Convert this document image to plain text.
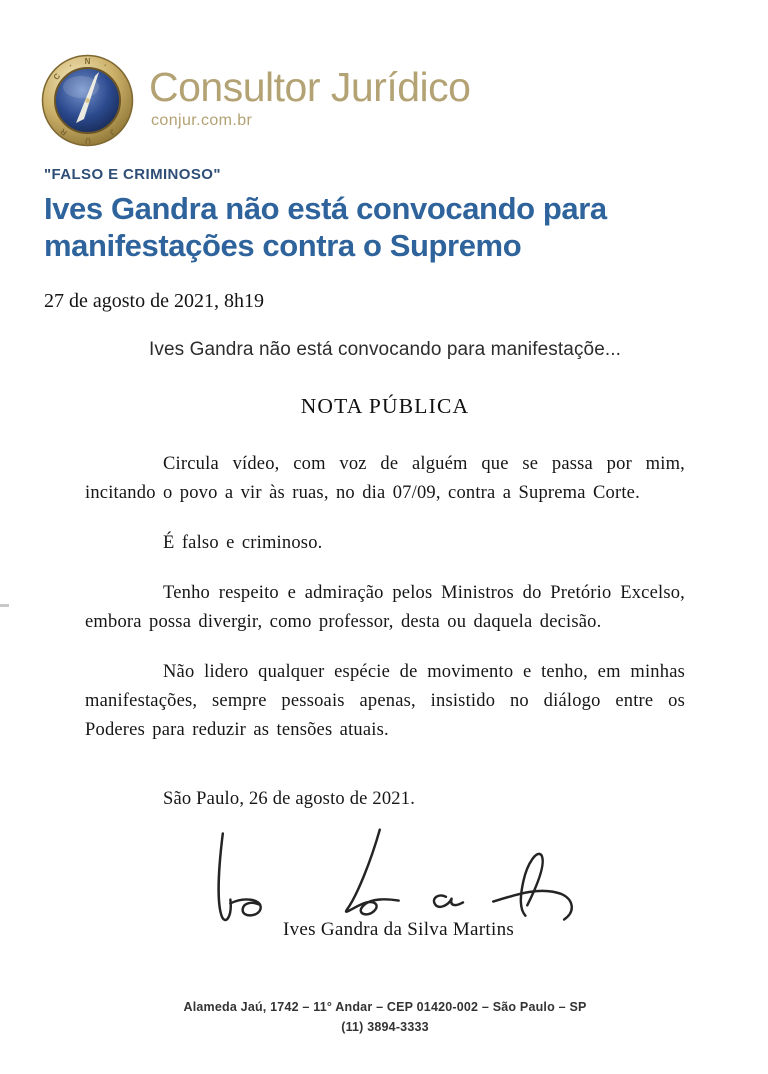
C
·	N	·
J
U
R
Consultor Jurídico
conjur.com.br
"FALSO E CRIMINOSO"
Ives Gandra não está convocando para manifestações contra o Supremo
27 de agosto de 2021, 8h19
Ives Gandra não está convocando para manifestaçõe...
NOTA PÚBLICA

Circula vídeo, com voz de alguém que se passa por mim, incitando o povo a vir às ruas, no dia 07/09, contra a Suprema Corte.

É falso e criminoso.

Tenho respeito e admiração pelos Ministros do Pretório Excelso, embora possa divergir, como professor, desta ou daquela decisão.

Não lidero qualquer espécie de movimento e tenho, em minhas manifestações, sempre pessoais apenas, insistido no diálogo entre os Poderes para reduzir as tensões atuais.

São Paulo, 26 de agosto de 2021.
Ives Gandra da Silva Martins
Alameda Jaú, 1742 – 11° Andar – CEP 01420-002 – São Paulo – SP
(11) 3894-3333
